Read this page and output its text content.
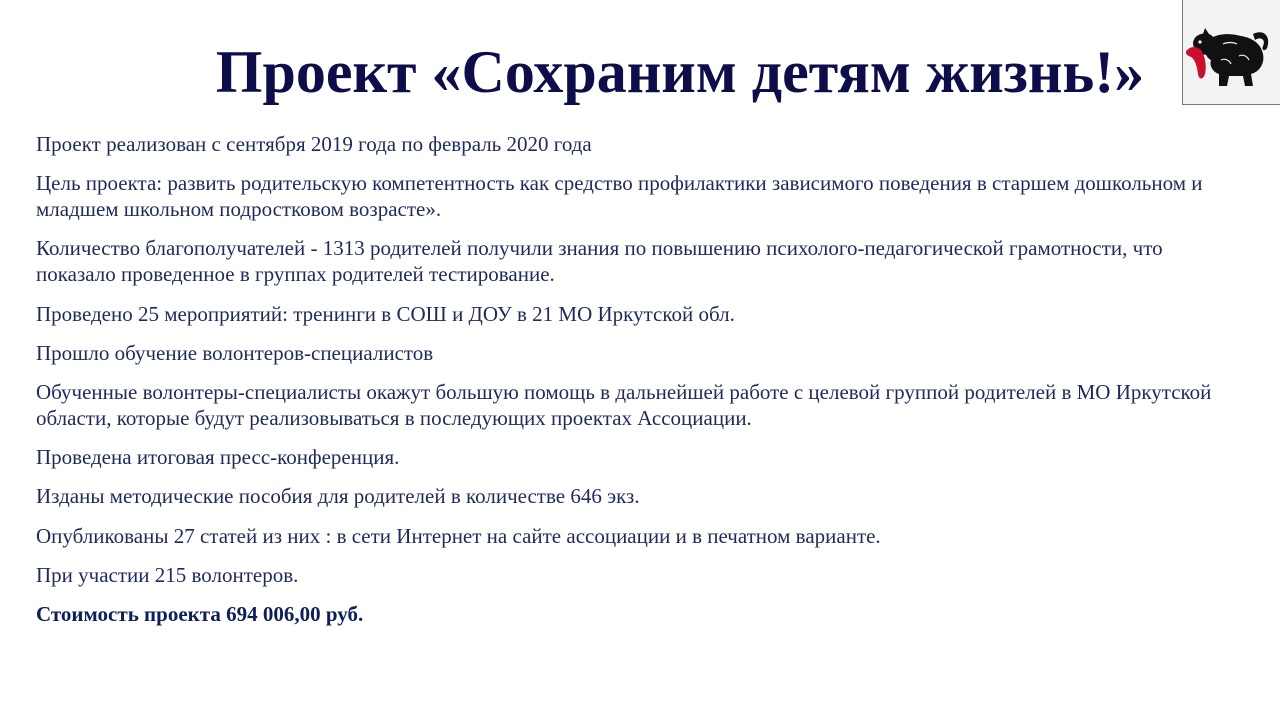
Проект «Сохраним детям жизнь!»

Проект реализован с сентября 2019 года по февраль 2020 года

Цель проекта: развить родительскую компетентность как средство профилактики зависимого поведения в старшем дошкольном и младшем школьном подростковом возрасте».

Количество благополучателей - 1313 родителей получили знания по повышению психолого-педагогической грамотности, что показало проведенное в группах родителей тестирование.

Проведено 25 мероприятий: тренинги в СОШ и ДОУ в 21 МО Иркутской обл.

Прошло обучение волонтеров-специалистов

Обученные волонтеры-специалисты окажут большую помощь в дальнейшей работе с целевой группой родителей в МО Иркутской области, которые будут реализовываться в последующих проектах Ассоциации.

Проведена итоговая пресс-конференция.

Изданы методические пособия для родителей в количестве 646 экз.

Опубликованы 27 статей из них : в сети Интернет на сайте ассоциации и в печатном варианте.

При участии 215 волонтеров.

Стоимость проекта 694 006,00 руб.
